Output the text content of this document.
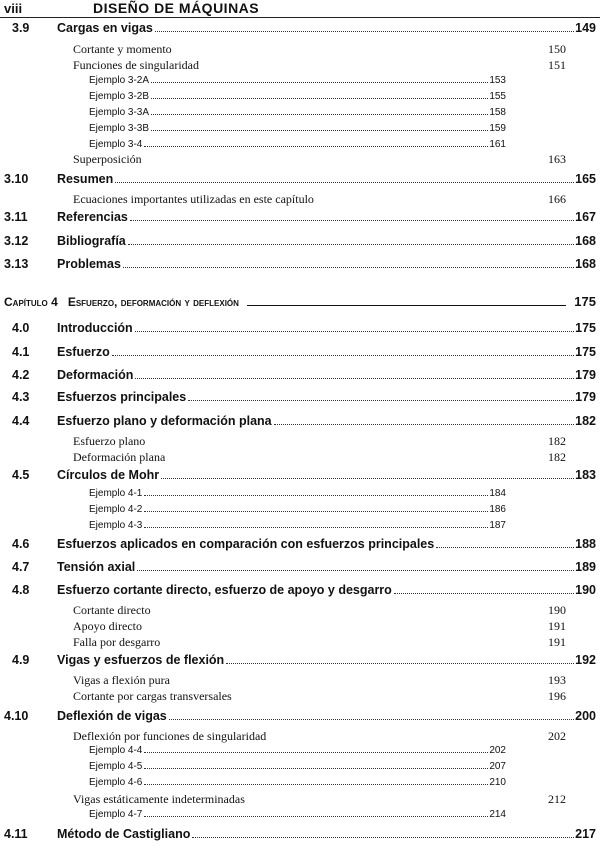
viii	DISEÑO DE MÁQUINAS
3.9 Cargas en vigas	149
Cortante y momento	150
Funciones de singularidad	151
Ejemplo 3-2A	153
Ejemplo 3-2B	155
Ejemplo 3-3A	158
Ejemplo 3-3B	159
Ejemplo 3-4	161
Superposición	163
3.10 Resumen	165
Ecuaciones importantes utilizadas en este capítulo	166
3.11 Referencias	167
3.12 Bibliografía	168
3.13 Problemas	168
Capítulo 4 Esfuerzo, deformación y deflexión	175
4.0 Introducción	175
4.1 Esfuerzo	175
4.2 Deformación	179
4.3 Esfuerzos principales	179
4.4 Esfuerzo plano y deformación plana	182
Esfuerzo plano	182
Deformación plana	182
4.5 Círculos de Mohr	183
Ejemplo 4-1	184
Ejemplo 4-2	186
Ejemplo 4-3	187
4.6 Esfuerzos aplicados en comparación con esfuerzos principales	188
4.7 Tensión axial	189
4.8 Esfuerzo cortante directo, esfuerzo de apoyo y desgarro	190
Cortante directo	190
Apoyo directo	191
Falla por desgarro	191
4.9 Vigas y esfuerzos de flexión	192
Vigas a flexión pura	193
Cortante por cargas transversales	196
4.10 Deflexión de vigas	200
Deflexión por funciones de singularidad	202
Ejemplo 4-4	202
Ejemplo 4-5	207
Ejemplo 4-6	210
Vigas estáticamente indeterminadas	212
Ejemplo 4-7	214
4.11 Método de Castigliano	217
